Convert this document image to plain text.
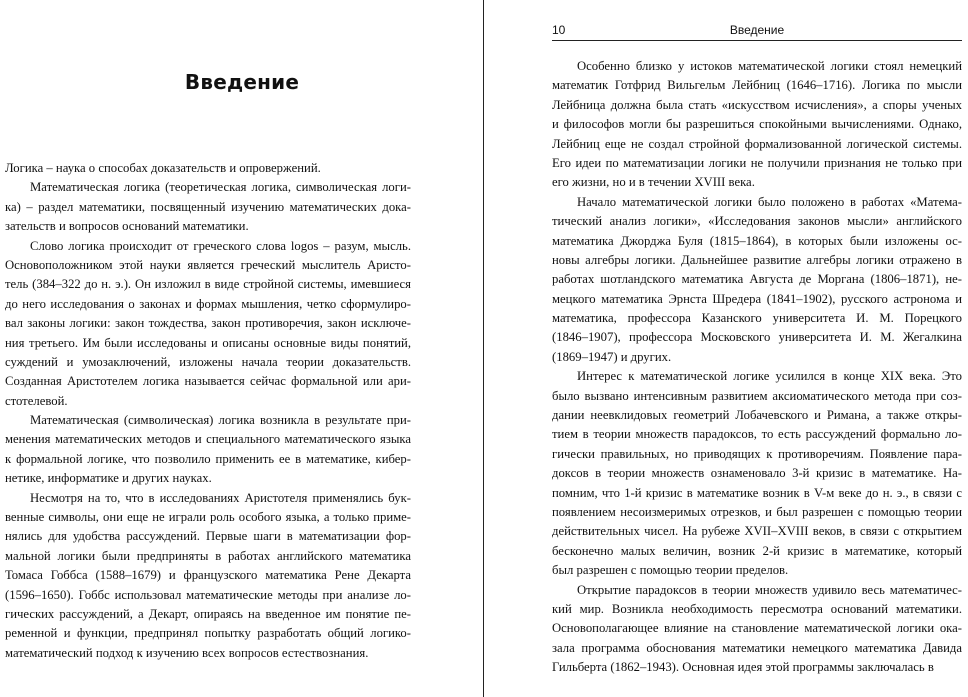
Введение
Логика – наука о способах доказательств и опровержений.
Математическая логика (теоретическая логика, символическая логи-
ка) – раздел математики, посвященный изучению математических дока-
зательств и вопросов оснований математики.
Слово логика происходит от греческого слова logos – разум, мысль.
Основоположником этой науки является греческий мыслитель Аристо-
тель (384–322 до н. э.). Он изложил в виде стройной системы, имевшиеся
до него исследования о законах и формах мышления, четко сформулиро-
вал законы логики: закон тождества, закон противоречия, закон исключе-
ния третьего. Им были исследованы и описаны основные виды понятий,
суждений и умозаключений, изложены начала теории доказательств.
Созданная Аристотелем логика называется сейчас формальной или ари-
стотелевой.
Математическая (символическая) логика возникла в результате при-
менения математических методов и специального математического языка
к формальной логике, что позволило применить ее в математике, кибер-
нетике, информатике и других науках.
Несмотря на то, что в исследованиях Аристотеля применялись бук-
венные символы, они еще не играли роль особого языка, а только приме-
нялись для удобства рассуждений. Первые шаги в математизации фор-
мальной логики были предприняты в работах английского математика
Томаса Гоббса (1588–1679) и французского математика Рене Декарта
(1596–1650). Гоббс использовал математические методы при анализе ло-
гических рассуждений, а Декарт, опираясь на введенное им понятие пе-
ременной и функции, предпринял попытку разработать общий логико-
математический подход к изучению всех вопросов естествознания.
10	Введение
Особенно близко у истоков математической логики стоял немецкий
математик Готфрид Вильгельм Лейбниц (1646–1716). Логика по мысли
Лейбница должна была стать «искусством исчисления», а споры ученых
и философов могли бы разрешиться спокойными вычислениями. Однако,
Лейбниц еще не создал стройной формализованной логической системы.
Его идеи по математизации логики не получили признания не только при
его жизни, но и в течении XVIII века.
Начало математической логики было положено в работах «Матема-
тический анализ логики», «Исследования законов мысли» английского
математика Джорджа Буля (1815–1864), в которых были изложены ос-
новы алгебры логики. Дальнейшее развитие алгебры логики отражено в
работах шотландского математика Августа де Моргана (1806–1871), не-
мецкого математика Эрнста Шредера (1841–1902), русского астронома и
математика, профессора Казанского университета И. М. Порецкого
(1846–1907), профессора Московского университета И. М. Жегалкина
(1869–1947) и других.
Интерес к математической логике усилился в конце XIX века. Это
было вызвано интенсивным развитием аксиоматического метода при соз-
дании неевклидовых геометрий Лобачевского и Римана, а также откры-
тием в теории множеств парадоксов, то есть рассуждений формально ло-
гически правильных, но приводящих к противоречиям. Появление пара-
доксов в теории множеств ознаменовало 3-й кризис в математике. На-
помним, что 1-й кризис в математике возник в V-м веке до н. э., в связи с
появлением несоизмеримых отрезков, и был разрешен с помощью теории
действительных чисел. На рубеже XVII–XVIII веков, в связи с открытием
бесконечно малых величин, возник 2-й кризис в математике, который
был разрешен с помощью теории пределов.
Открытие парадоксов в теории множеств удивило весь математичес-
кий мир. Возникла необходимость пересмотра оснований математики.
Основополагающее влияние на становление математической логики ока-
зала программа обоснования математики немецкого математика Давида
Гильберта (1862–1943). Основная идея этой программы заключалась в
